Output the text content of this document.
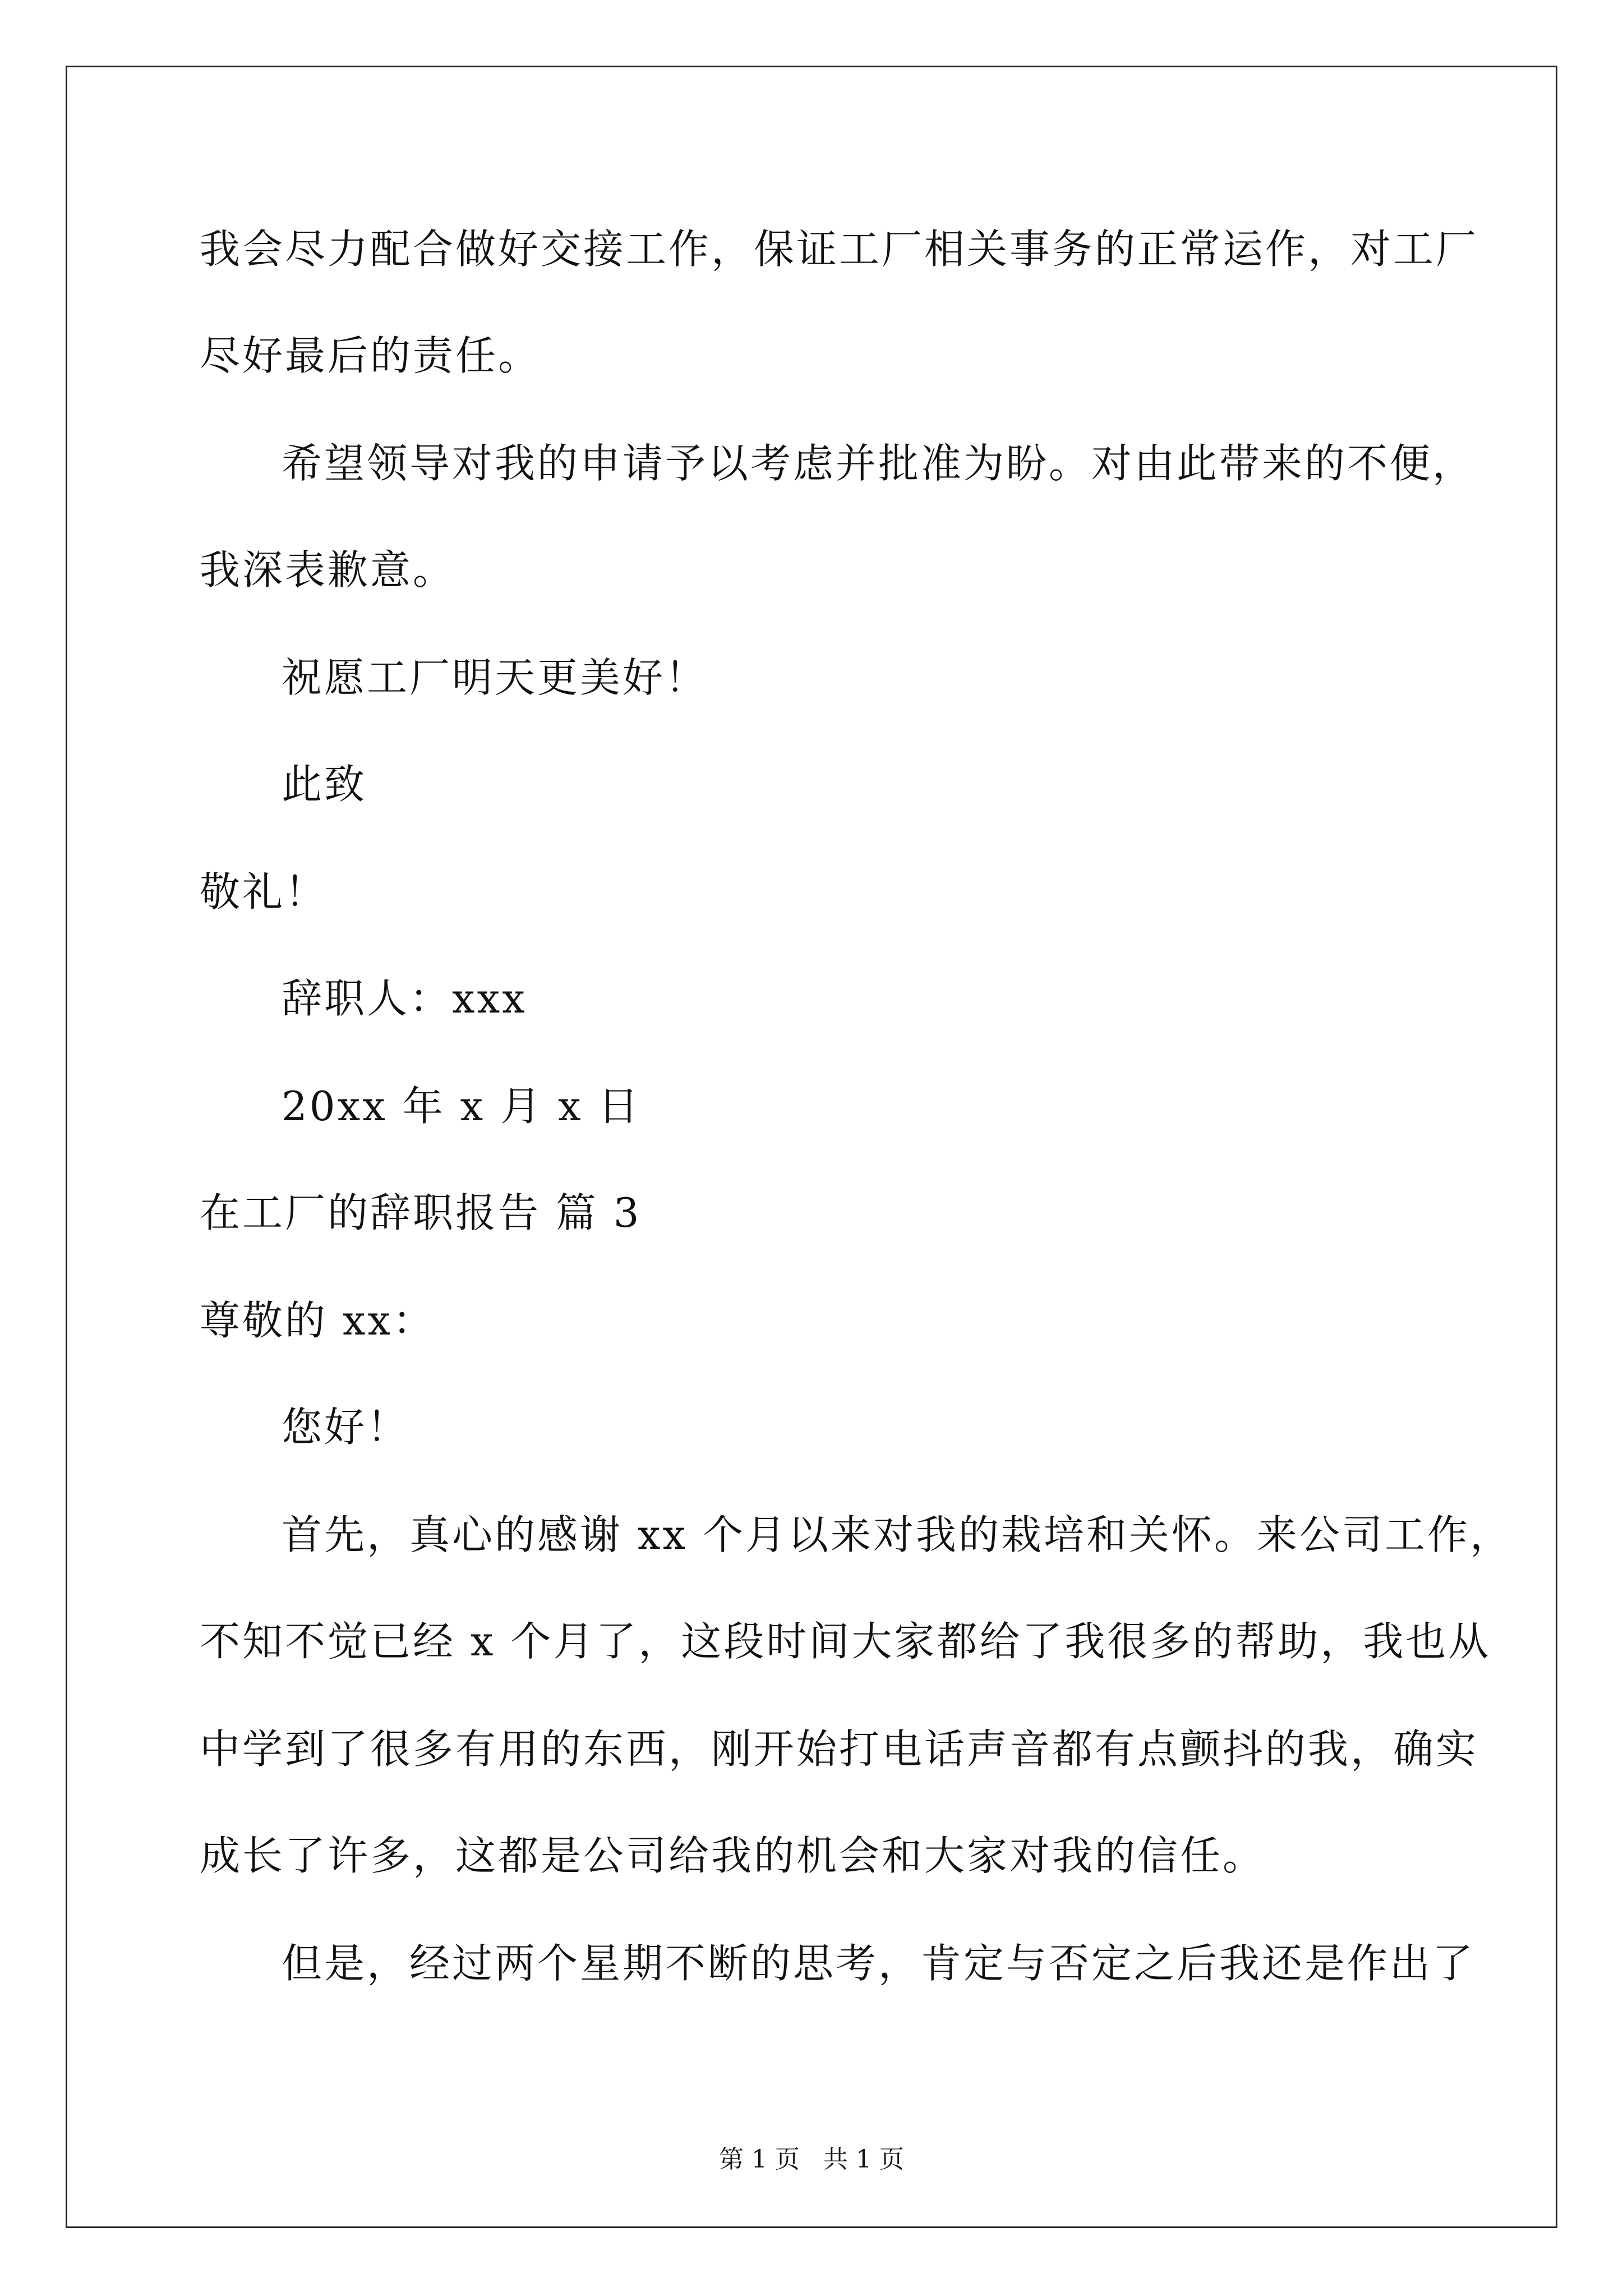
我会尽力配合做好交接工作，保证工厂相关事务的正常运作，对工厂
尽好最后的责任。
希望领导对我的申请予以考虑并批准为盼。对由此带来的不便，
我深表歉意。
祝愿工厂明天更美好！
此致
敬礼！
辞职人：xxx
20xx 年 x 月 x 日
在工厂的辞职报告 篇 3
尊敬的 xx：
您好！
首先，真心的感谢 xx 个月以来对我的栽培和关怀。来公司工作，
不知不觉已经 x 个月了，这段时间大家都给了我很多的帮助，我也从
中学到了很多有用的东西，刚开始打电话声音都有点颤抖的我，确实
成长了许多，这都是公司给我的机会和大家对我的信任。
但是，经过两个星期不断的思考，肯定与否定之后我还是作出了
第 1 页   共 1 页
